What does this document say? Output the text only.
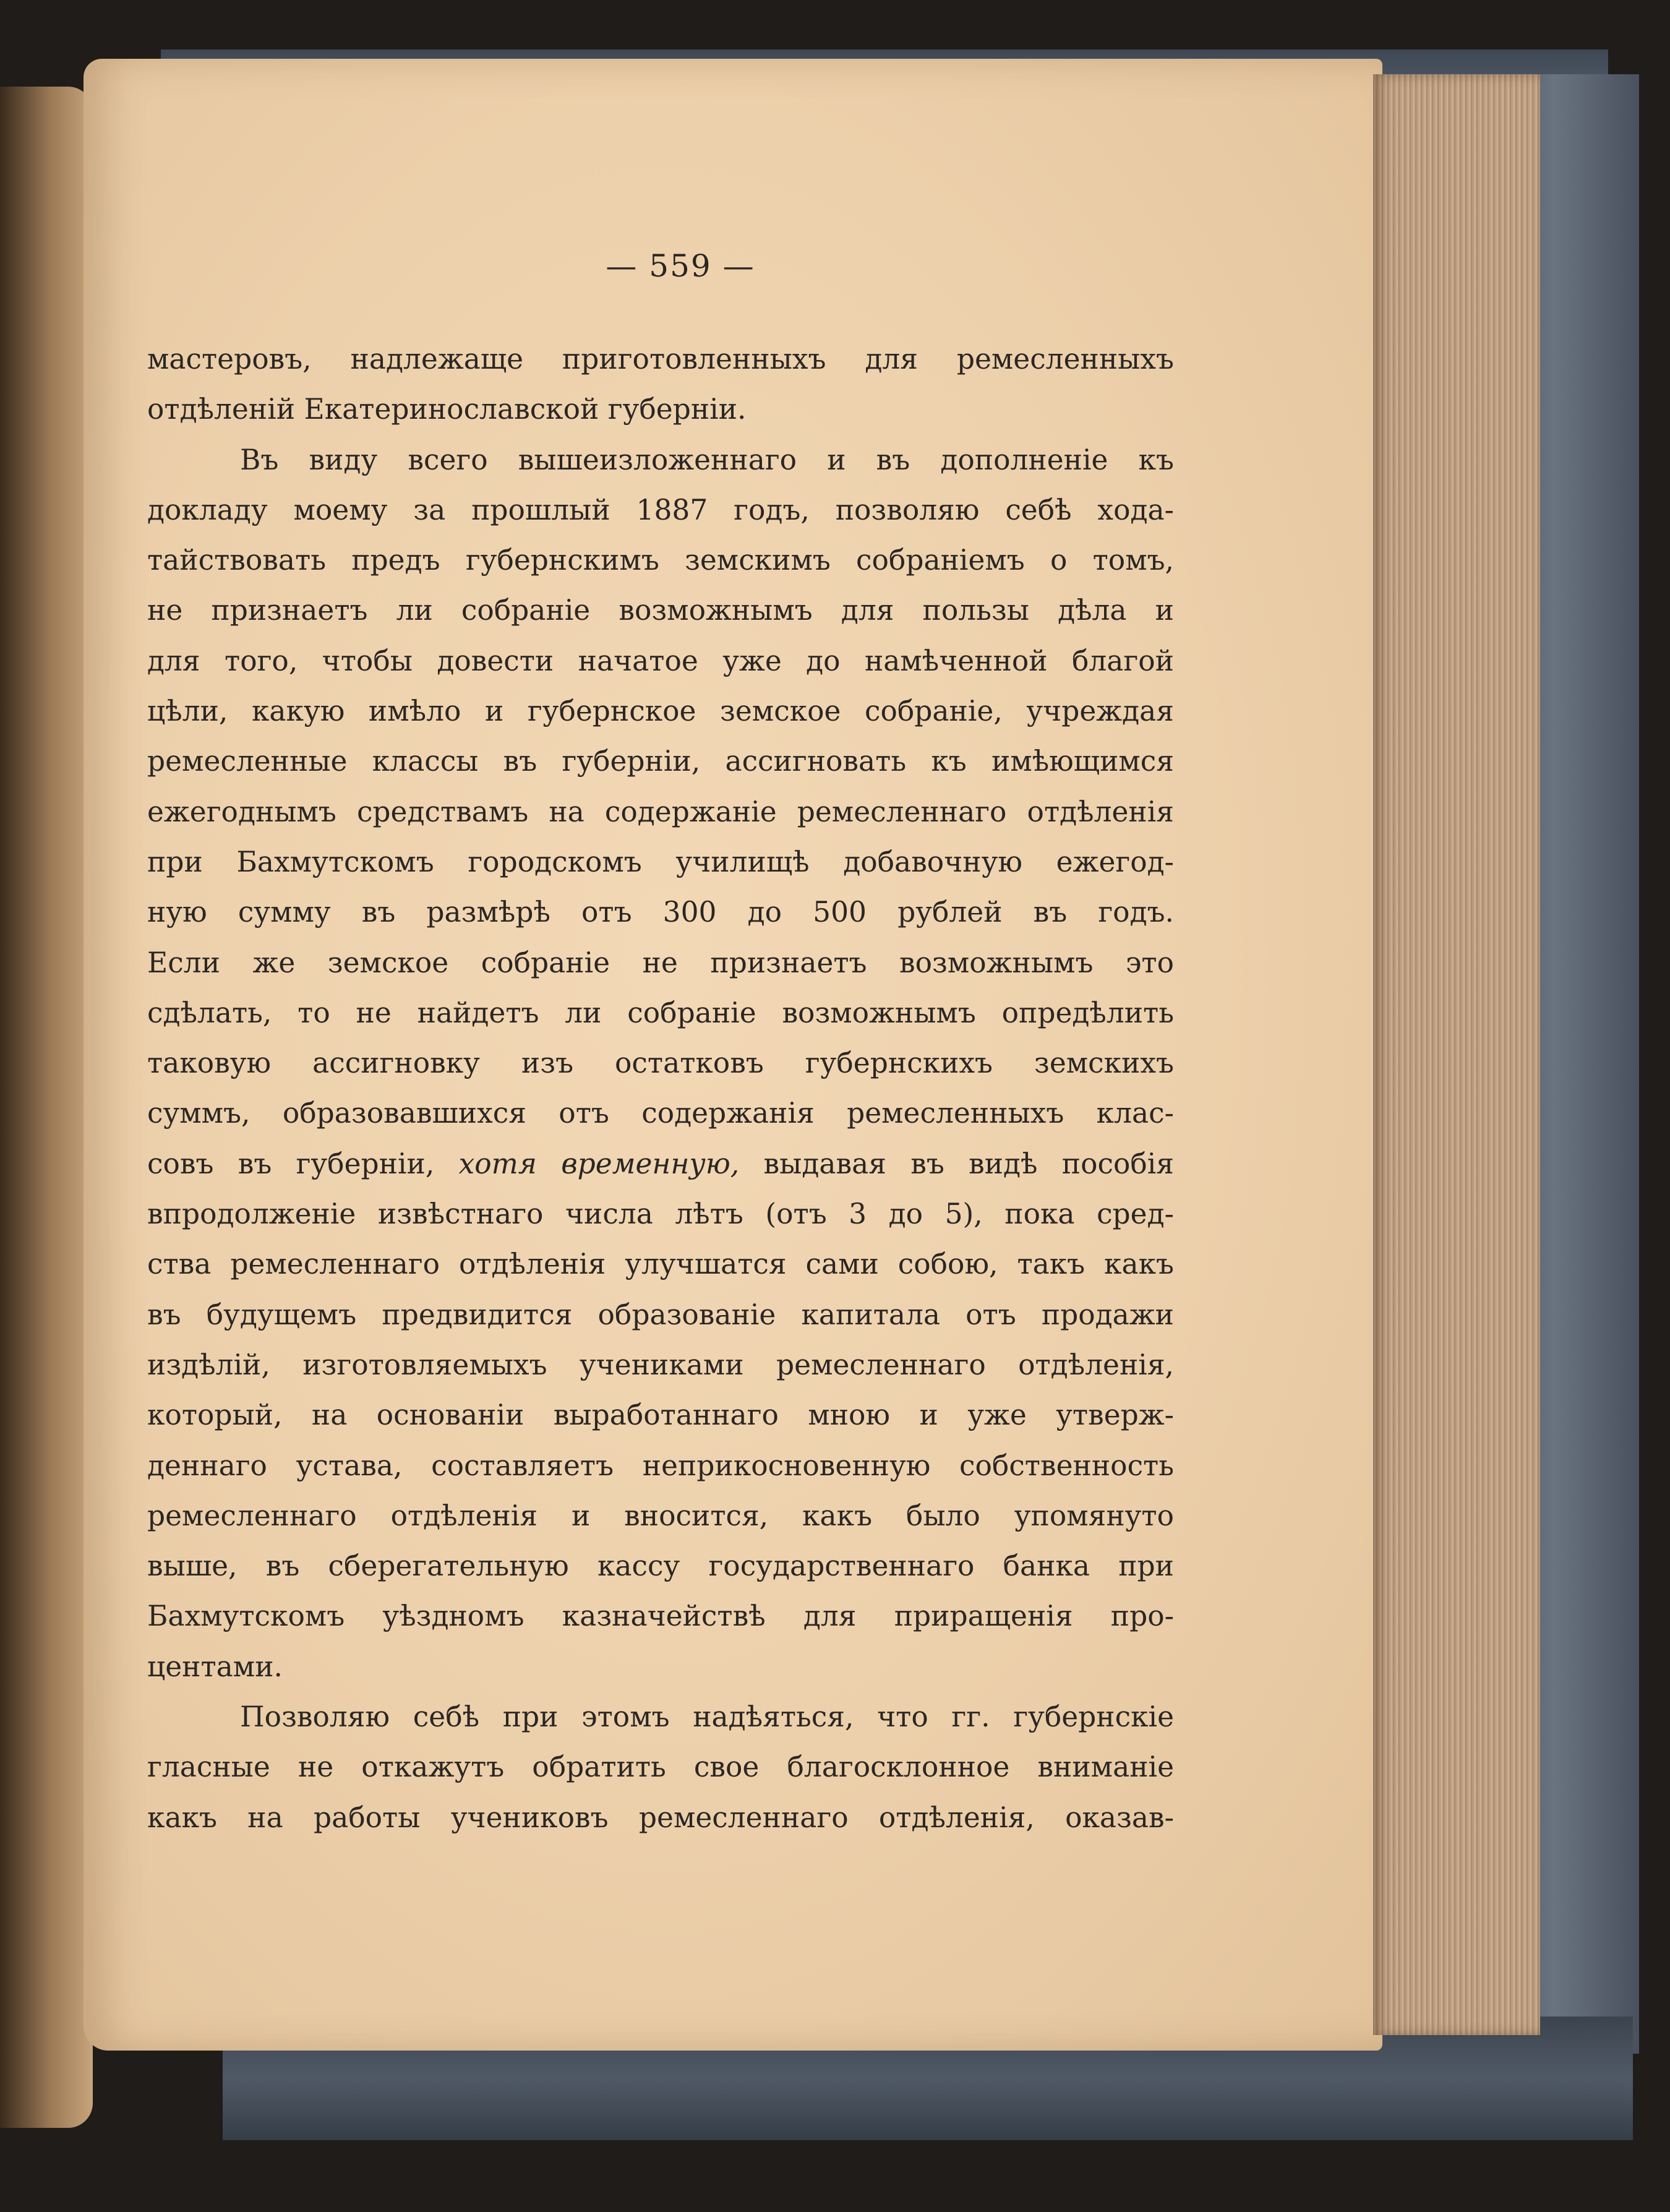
— 559 —
мастеровъ, надлежаще приготовленныхъ для ремесленныхъ
отдѣленій Екатеринославской губерніи.
Въ виду всего вышеизложеннаго и въ дополненіе къ
докладу моему за прошлый 1887 годъ, позволяю себѣ хода-
тайствовать предъ губернскимъ земскимъ собраніемъ о томъ,
не признаетъ ли собраніе возможнымъ для пользы дѣла и
для того, чтобы довести начатое уже до намѣченной благой
цѣли, какую имѣло и губернское земское собраніе, учреждая
ремесленные классы въ губерніи, ассигновать къ имѣющимся
ежегоднымъ средствамъ на содержаніе ремесленнаго отдѣленія
при Бахмутскомъ городскомъ училищѣ добавочную ежегод-
ную сумму въ размѣрѣ отъ 300 до 500 рублей въ годъ.
Если же земское собраніе не признаетъ возможнымъ это
сдѣлать, то не найдетъ ли собраніе возможнымъ опредѣлить
таковую ассигновку изъ остатковъ губернскихъ земскихъ
суммъ, образовавшихся отъ содержанія ремесленныхъ клас-
совъ въ губерніи, хотя временную, выдавая въ видѣ пособія
впродолженіе извѣстнаго числа лѣтъ (отъ 3 до 5), пока сред-
ства ремесленнаго отдѣленія улучшатся сами собою, такъ какъ
въ будущемъ предвидится образованіе капитала отъ продажи
издѣлій, изготовляемыхъ учениками ремесленнаго отдѣленія,
который, на основаніи выработаннаго мною и уже утверж-
деннаго устава, составляетъ неприкосновенную собственность
ремесленнаго отдѣленія и вносится, какъ было упомянуто
выше, въ сберегательную кассу государственнаго банка при
Бахмутскомъ уѣздномъ казначействѣ для приращенія про-
центами.
Позволяю себѣ при этомъ надѣяться, что гг. губернскіе
гласные не откажутъ обратить свое благосклонное вниманіе
какъ на работы учениковъ ремесленнаго отдѣленія, оказав-
